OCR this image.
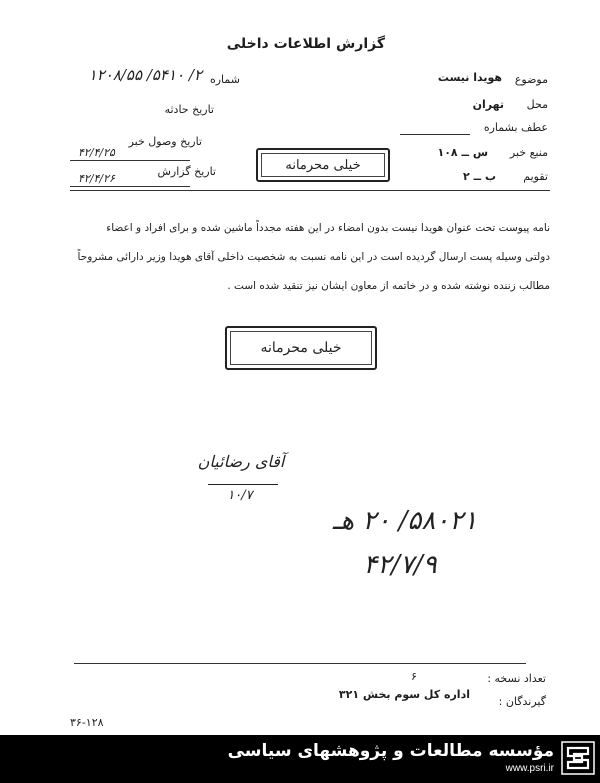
گزارش اطلاعات داخلی
شماره
۲/ ۵۴۱۰/ ۱۲۰۸/۵۵
تاریخ حادثه
تاریخ وصول خبر
۴۲/۴/۲۵
تاریخ گزارش
۴۲/۴/۲۶
خیلی محرمانه
موضوع
هویدا نیست
محل
تهران
عطف بشماره
منبع خبر
س ــ ۱۰۸
تقویم
ب ــ ۲
نامه پیوست تحت عنوان هویدا نیست بدون امضاء در این هفته مجدداً ماشین شده و برای افراد و اعضاء
دولتی وسیله پست ارسال گردیده است در این نامه نسبت به شخصیت داخلی آقای هویدا وزیر دارائی مشروحاً
مطالب زننده نوشته شده و در خاتمه از معاون ایشان نیز تنقید شده است .
خیلی محرمانه
آقای رضائیان
۱۰/۷
۵۸۰۲۱/ ۲۰ هـ
۴۲/۷/۹
تعداد نسخه :
۶
گیرندگان :
اداره کل سوم بخش ۳۲۱
۳۶-۱۲۸
مؤسسه مطالعات و پژوهشهای سیاسی
www.psri.ir
